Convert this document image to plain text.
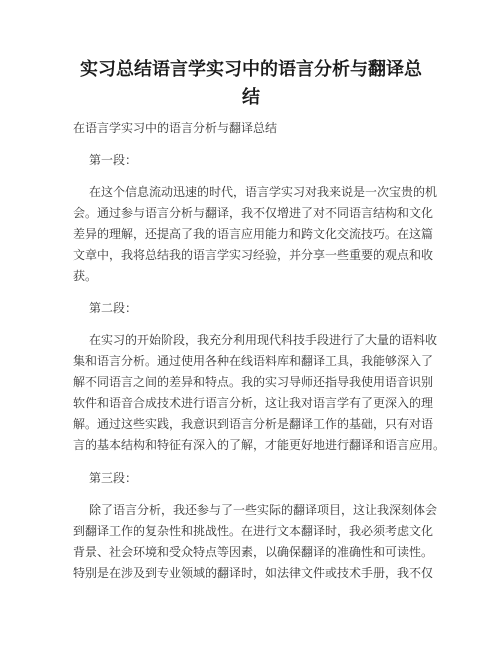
实习总结语言学实习中的语言分析与翻译总
结
在语言学实习中的语言分析与翻译总结
第一段：
在这个信息流动迅速的时代，语言学实习对我来说是一次宝贵的机
会。通过参与语言分析与翻译，我不仅增进了对不同语言结构和文化
差异的理解，还提高了我的语言应用能力和跨文化交流技巧。在这篇
文章中，我将总结我的语言学实习经验，并分享一些重要的观点和收
获。
第二段：
在实习的开始阶段，我充分利用现代科技手段进行了大量的语料收
集和语言分析。通过使用各种在线语料库和翻译工具，我能够深入了
解不同语言之间的差异和特点。我的实习导师还指导我使用语音识别
软件和语音合成技术进行语言分析，这让我对语言学有了更深入的理
解。通过这些实践，我意识到语言分析是翻译工作的基础，只有对语
言的基本结构和特征有深入的了解，才能更好地进行翻译和语言应用。
第三段：
除了语言分析，我还参与了一些实际的翻译项目，这让我深刻体会
到翻译工作的复杂性和挑战性。在进行文本翻译时，我必须考虑文化
背景、社会环境和受众特点等因素，以确保翻译的准确性和可读性。
特别是在涉及到专业领域的翻译时，如法律文件或技术手册，我不仅
